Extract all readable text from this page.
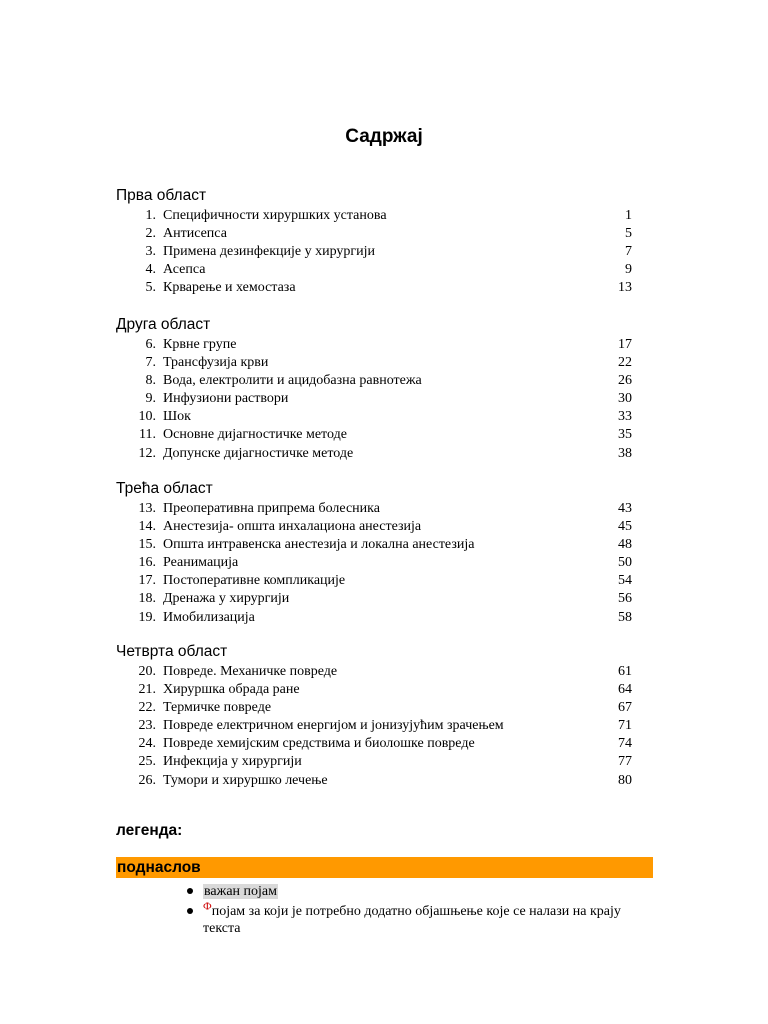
Садржај
Прва област
1. Специфичности хируршких установа	1
2. Антисепса	5
3. Примена дезинфекције у хирургији	7
4. Асепса	9
5. Крварење и хемостаза	13
Друга област
6. Крвне групе	17
7. Трансфузија крви	22
8. Вода, електролити и ацидобазна равнотежа	26
9. Инфузиони раствори	30
10. Шок	33
11. Основне дијагностичке методе	35
12. Допунске дијагностичке методе	38
Трећа област
13. Преоперативна припрема болесника	43
14. Анестезија- општа инхалациона анестезија	45
15. Општа интравенска анестезија и локална анестезија	48
16. Реанимација	50
17. Постоперативне компликације	54
18. Дренажа у хирургији	56
19. Имобилизација	58
Четврта област
20. Повреде. Механичке повреде	61
21. Хируршка обрада ране	64
22. Термичке повреде	67
23. Повреде електричном енергијом и јонизујућим зрачењем	71
24. Повреде хемијским средствима и биолошке повреде	74
25. Инфекција у хирургији	77
26. Тумори и хируршко лечење	80
легенда:
поднаслов
важан појам
$^Ф$појам за који је потребно додатно објашњење које се налази на крају текста
